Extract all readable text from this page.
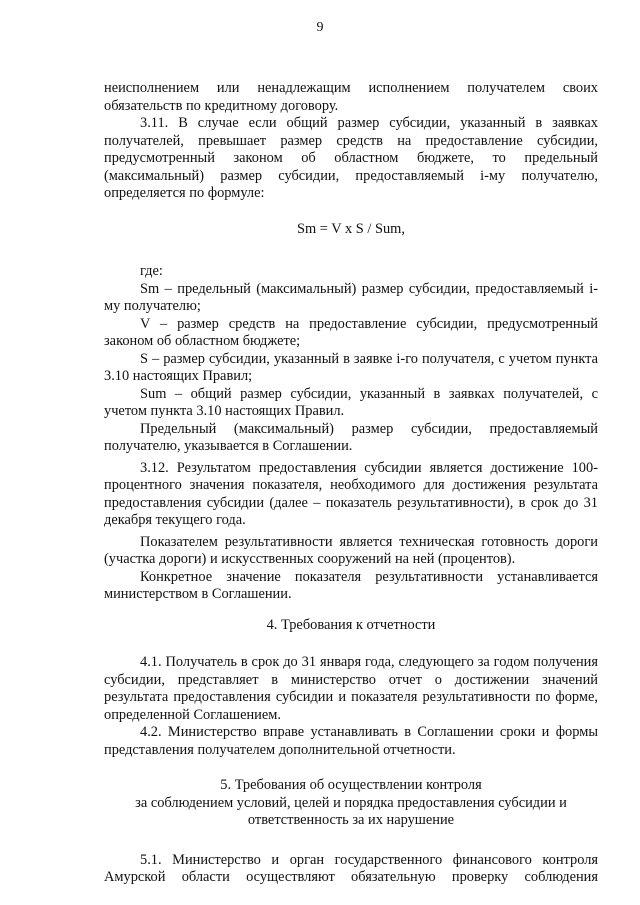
9

неисполнением или ненадлежащим исполнением получателем своих обязательств по кредитному договору.

3.11. В случае если общий размер субсидии, указанный в заявках получателей, превышает размер средств на предоставление субсидии, предусмотренный законом об областном бюджете, то предельный (максимальный) размер субсидии, предоставляемый i-му получателю, определяется по формуле:

Sm = V x S / Sum,

где:

Sm – предельный (максимальный) размер субсидии, предоставляемый i-му получателю;

V – размер средств на предоставление субсидии, предусмотренный законом об областном бюджете;

S – размер субсидии, указанный в заявке i-го получателя, с учетом пункта 3.10 настоящих Правил;

Sum – общий размер субсидии, указанный в заявках получателей, с учетом пункта 3.10 настоящих Правил.

Предельный (максимальный) размер субсидии, предоставляемый получателю, указывается в Соглашении.

3.12. Результатом предоставления субсидии является достижение 100-процентного значения показателя, необходимого для достижения результата предоставления субсидии (далее – показатель результативности), в срок до 31 декабря текущего года.

Показателем результативности является техническая готовность дороги (участка дороги) и искусственных сооружений на ней (процентов).

Конкретное значение показателя результативности устанавливается министерством в Соглашении.

4. Требования к отчетности

4.1. Получатель в срок до 31 января года, следующего за годом получения субсидии, представляет в министерство отчет о достижении значений результата предоставления субсидии и показателя результативности по форме, определенной Соглашением.

4.2. Министерство вправе устанавливать в Соглашении сроки и формы представления получателем дополнительной отчетности.

5. Требования об осуществлении контроля

за соблюдением условий, целей и порядка предоставления субсидии и

ответственность за их нарушение

5.1. Министерство и орган государственного финансового контроля Амурской области осуществляют обязательную проверку соблюдения
